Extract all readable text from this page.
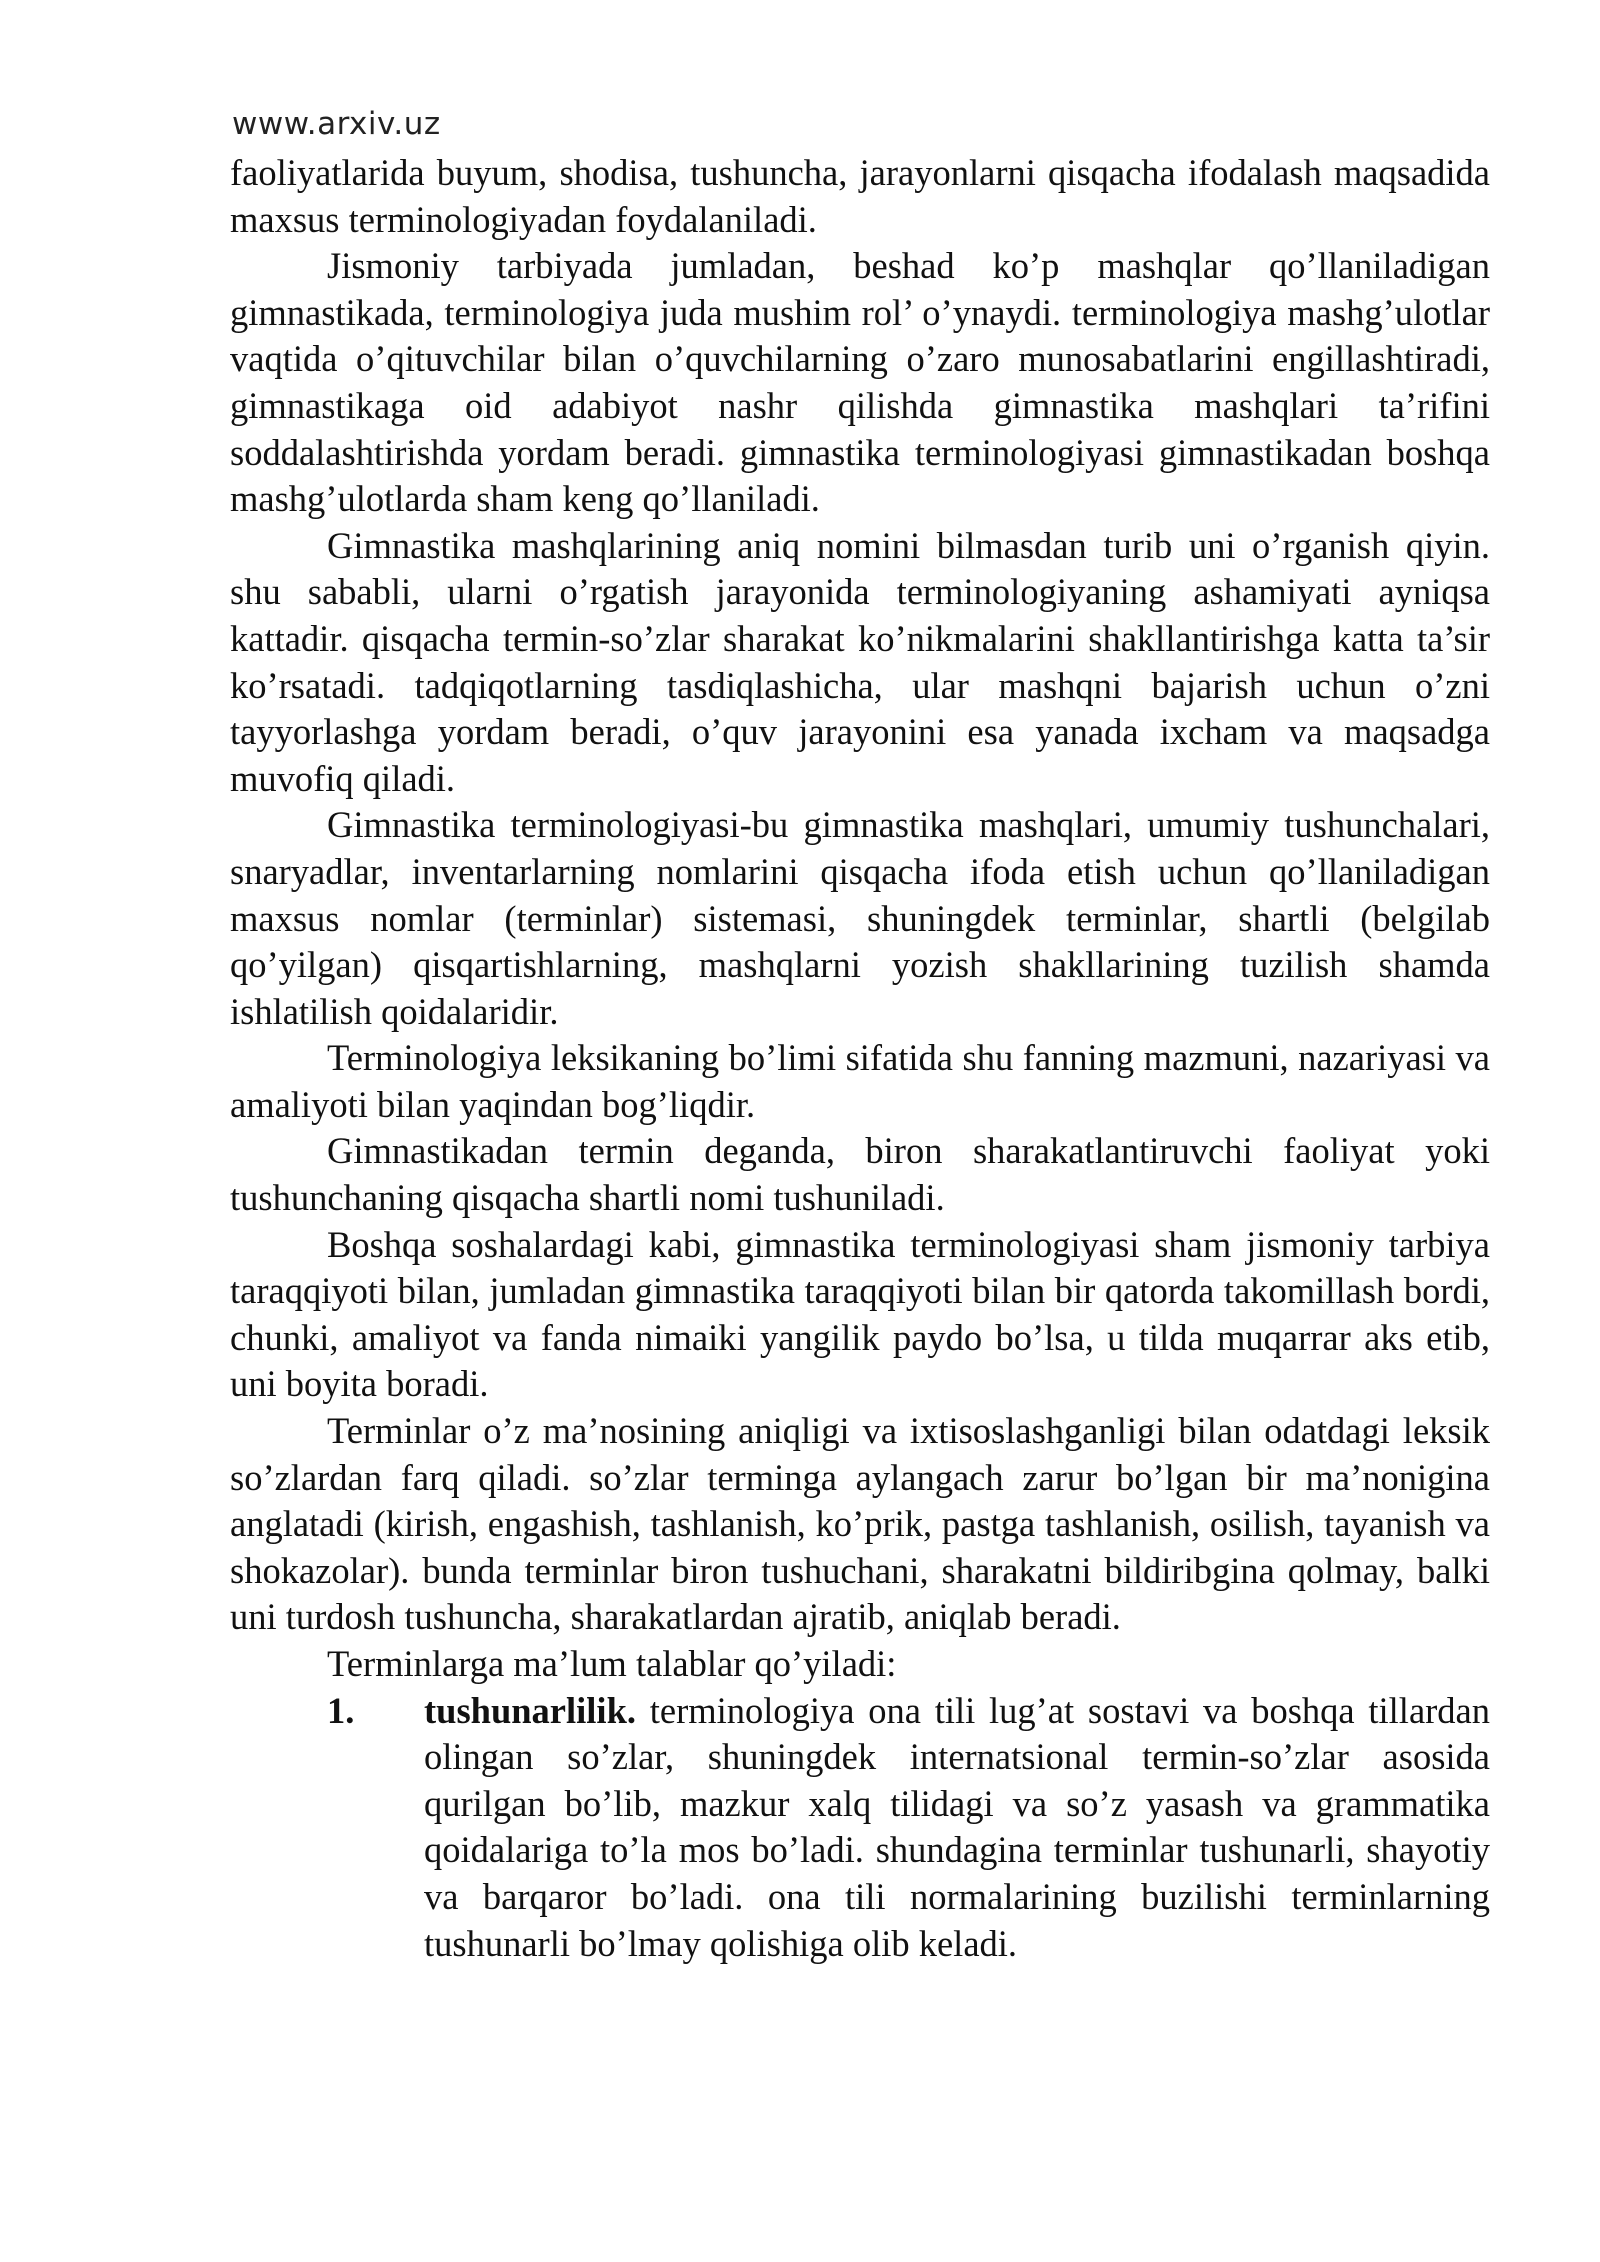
www.arxiv.uz

faoliyatlarida buyum, shodisa, tushuncha, jarayonlarni qisqacha ifodalash maqsadida maxsus terminologiyadan foydalaniladi.

Jismoniy tarbiyada jumladan, beshad ko’p mashqlar qo’llaniladigan gimnastikada, terminologiya juda mushim rol’ o’ynaydi. terminologiya mashg’ulotlar vaqtida o’qituvchilar bilan o’quvchilarning o’zaro munosabatlarini engillashtiradi, gimnastikaga oid adabiyot nashr qilishda gimnastika mashqlari ta’rifini soddalashtirishda yordam beradi. gimnastika terminologiyasi gimnastikadan boshqa mashg’ulotlarda sham keng qo’llaniladi.

Gimnastika mashqlarining aniq nomini bilmasdan turib uni o’rganish qiyin. shu sababli, ularni o’rgatish jarayonida terminologiyaning ashamiyati ayniqsa kattadir. qisqacha termin-so’zlar sharakat ko’nikmalarini shakllantirishga katta ta’sir ko’rsatadi. tadqiqotlarning tasdiqlashicha, ular mashqni bajarish uchun o’zni tayyorlashga yordam beradi, o’quv jarayonini esa yanada ixcham va maqsadga muvofiq qiladi.

Gimnastika terminologiyasi-bu gimnastika mashqlari, umumiy tushunchalari, snaryadlar, inventarlarning nomlarini qisqacha ifoda etish uchun qo’llaniladigan maxsus nomlar (terminlar) sistemasi, shuningdek terminlar, shartli (belgilab qo’yilgan) qisqartishlarning, mashqlarni yozish shakllarining tuzilish shamda ishlatilish qoidalaridir.

Terminologiya leksikaning bo’limi sifatida shu fanning mazmuni, nazariyasi va amaliyoti bilan yaqindan bog’liqdir.

Gimnastikadan termin deganda, biron sharakatlantiruvchi faoliyat yoki tushunchaning qisqacha shartli nomi tushuniladi.

Boshqa soshalardagi kabi, gimnastika terminologiyasi sham jismoniy tarbiya taraqqiyoti bilan, jumladan gimnastika taraqqiyoti bilan bir qatorda takomillash bordi, chunki, amaliyot va fanda nimaiki yangilik paydo bo’lsa, u tilda muqarrar aks etib, uni boyita boradi.

Terminlar o’z ma’nosining aniqligi va ixtisoslashganligi bilan odatdagi leksik so’zlardan farq qiladi. so’zlar terminga aylangach zarur bo’lgan bir ma’nonigina anglatadi (kirish, engashish, tashlanish, ko’prik, pastga tashlanish, osilish, tayanish va shokazolar). bunda terminlar biron tushuchani, sharakatni bildiribgina qolmay, balki uni turdosh tushuncha, sharakatlardan ajratib, aniqlab beradi.

Terminlarga ma’lum talablar qo’yiladi:

1. tushunarlilik. terminologiya ona tili lug’at sostavi va boshqa tillardan olingan so’zlar, shuningdek internatsional termin-so’zlar asosida qurilgan bo’lib, mazkur xalq tilidagi va so’z yasash va grammatika qoidalariga to’la mos bo’ladi. shundagina terminlar tushunarli, shayotiy va barqaror bo’ladi. ona tili normalarining buzilishi terminlarning tushunarli bo’lmay qolishiga olib keladi.
